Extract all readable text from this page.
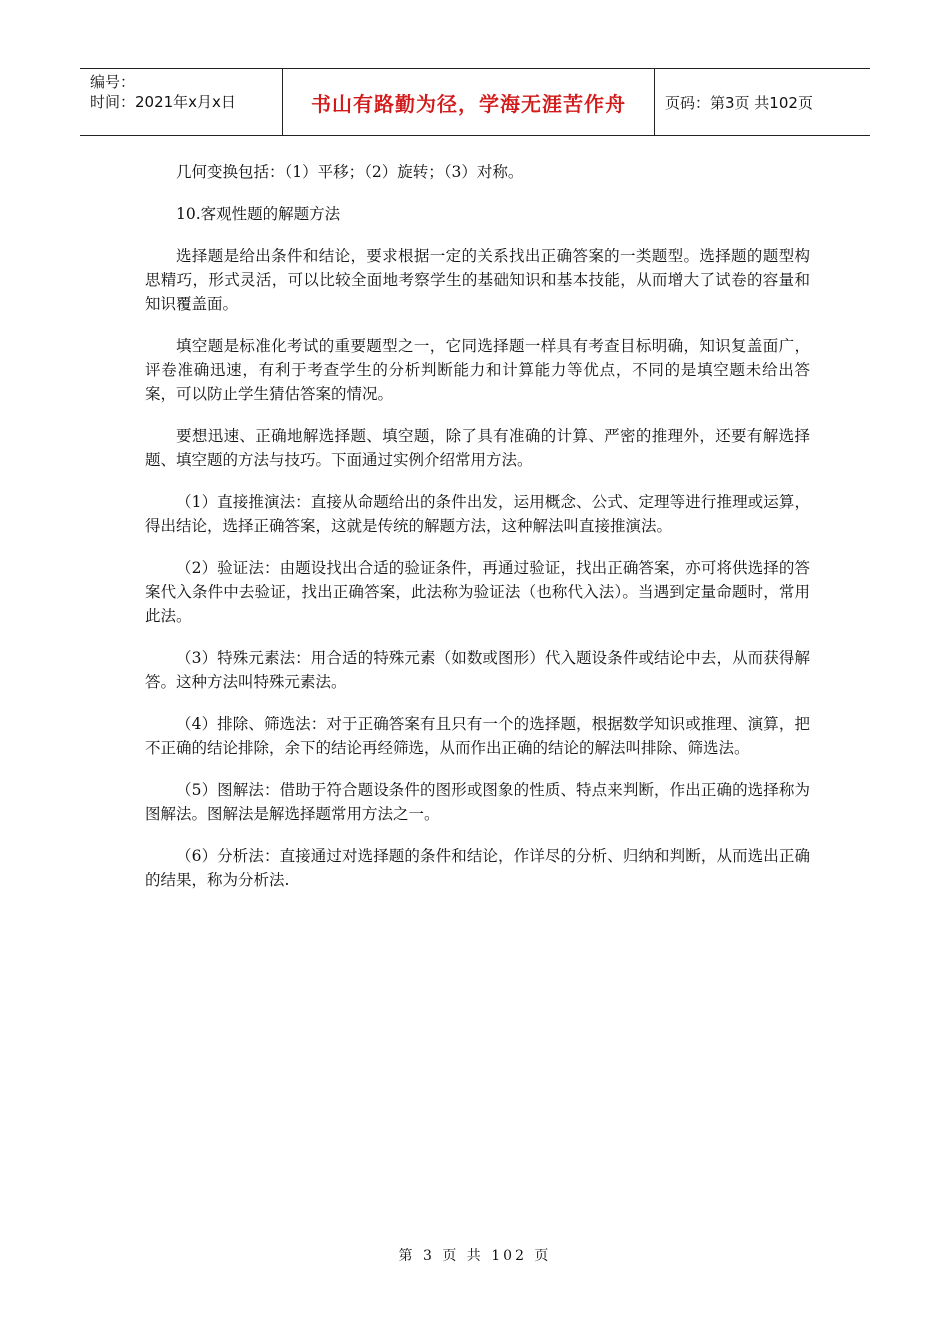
编号：
时间：2021年x月x日	书山有路勤为径，学海无涯苦作舟	页码：第3页 共102页

几何变换包括：（1）平移；（2）旋转；（3）对称。

10.客观性题的解题方法

选择题是给出条件和结论，要求根据一定的关系找出正确答案的一类题型。选择题的题型构思精巧，形式灵活，可以比较全面地考察学生的基础知识和基本技能，从而增大了试卷的容量和知识覆盖面。

填空题是标准化考试的重要题型之一，它同选择题一样具有考查目标明确，知识复盖面广，评卷准确迅速，有利于考查学生的分析判断能力和计算能力等优点，不同的是填空题未给出答案，可以防止学生猜估答案的情况。

要想迅速、正确地解选择题、填空题，除了具有准确的计算、严密的推理外，还要有解选择题、填空题的方法与技巧。下面通过实例介绍常用方法。

（1）直接推演法：直接从命题给出的条件出发，运用概念、公式、定理等进行推理或运算，得出结论，选择正确答案，这就是传统的解题方法，这种解法叫直接推演法。

（2）验证法：由题设找出合适的验证条件，再通过验证，找出正确答案，亦可将供选择的答案代入条件中去验证，找出正确答案，此法称为验证法（也称代入法）。当遇到定量命题时，常用此法。

（3）特殊元素法：用合适的特殊元素（如数或图形）代入题设条件或结论中去，从而获得解答。这种方法叫特殊元素法。

（4）排除、筛选法：对于正确答案有且只有一个的选择题，根据数学知识或推理、演算，把不正确的结论排除，余下的结论再经筛选，从而作出正确的结论的解法叫排除、筛选法。

（5）图解法：借助于符合题设条件的图形或图象的性质、特点来判断，作出正确的选择称为图解法。图解法是解选择题常用方法之一。

（6）分析法：直接通过对选择题的条件和结论，作详尽的分析、归纳和判断，从而选出正确的结果，称为分析法.

第 3 页 共 102 页
